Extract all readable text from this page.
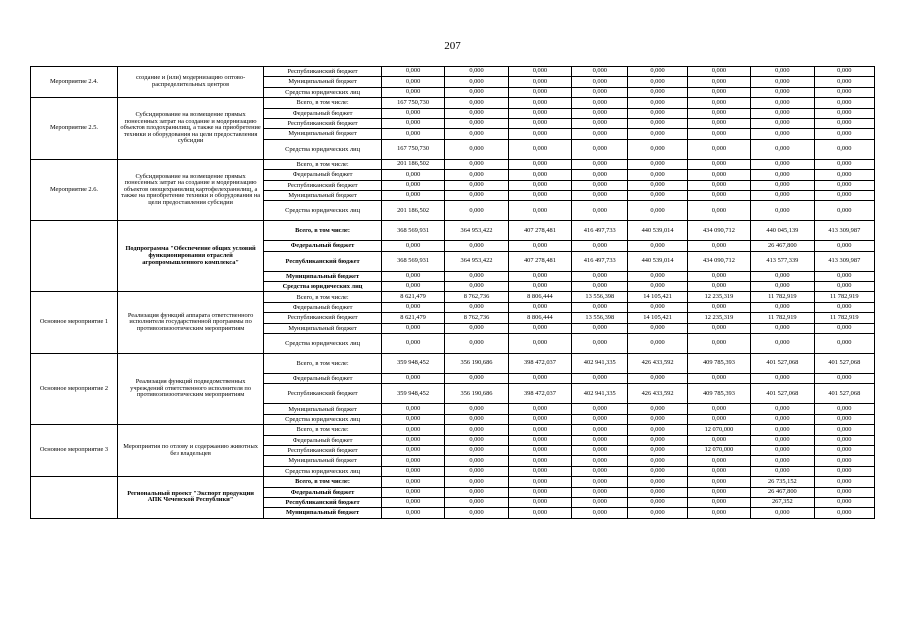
207
Мероприятие 2.4.	создание и (или) модернизацию оптово-распределительных центров	Республиканский бюджет	0,000	0,000	0,000	0,000	0,000	0,000	0,000	0,000
		Муниципальный бюджет	0,000	0,000	0,000	0,000	0,000	0,000	0,000	0,000
		Средства юридических лиц	0,000	0,000	0,000	0,000	0,000	0,000	0,000	0,000
Мероприятие 2.5.	Субсидирование на возмещение прямых понесенных затрат на создание и модернизацию объектов плодохранилищ, а также на приобретение техники и оборудования на цели предоставления субсидии	Всего, в том числе:	167 750,730	0,000	0,000	0,000	0,000	0,000	0,000	0,000
		Федеральный бюджет	0,000	0,000	0,000	0,000	0,000	0,000	0,000	0,000
		Республиканский бюджет	0,000	0,000	0,000	0,000	0,000	0,000	0,000	0,000
		Муниципальный бюджет	0,000	0,000	0,000	0,000	0,000	0,000	0,000	0,000
		Средства юридических лиц	167 750,730	0,000	0,000	0,000	0,000	0,000	0,000	0,000
Мероприятие 2.6.	Субсидирование на возмещение прямых понесенных затрат на создание и модернизацию объектов овощехранилищ картофелехранилищ, а также на приобретение техники и оборудования на цели предоставления субсидии	Всего, в том числе:	201 186,502	0,000	0,000	0,000	0,000	0,000	0,000	0,000
		Федеральный бюджет	0,000	0,000	0,000	0,000	0,000	0,000	0,000	0,000
		Республиканский бюджет	0,000	0,000	0,000	0,000	0,000	0,000	0,000	0,000
		Муниципальный бюджет	0,000	0,000	0,000	0,000	0,000	0,000	0,000	0,000
		Средства юридических лиц	201 186,502	0,000	0,000	0,000	0,000	0,000	0,000	0,000
	Подпрограмма "Обеспечение общих условий функционирования отраслей агропромышленного комплекса"	Всего, в том числе:	368 569,931	364 953,422	407 278,481	416 497,733	440 539,014	434 090,712	440 045,139	413 309,987
		Федеральный бюджет	0,000	0,000	0,000	0,000	0,000	0,000	26 467,800	0,000
		Республиканский бюджет	368 569,931	364 953,422	407 278,481	416 497,733	440 539,014	434 090,712	413 577,339	413 309,987
		Муниципальный бюджет	0,000	0,000	0,000	0,000	0,000	0,000	0,000	0,000
		Средства юридических лиц	0,000	0,000	0,000	0,000	0,000	0,000	0,000	0,000
Основное мероприятие 1	Реализация функций аппарата ответственного исполнителя государственной программы по противоэпизоотическим мероприятиям	Всего, в том числе:	8 621,479	8 762,736	8 806,444	13 556,398	14 105,421	12 235,319	11 782,919	11 782,919
		Федеральный бюджет	0,000	0,000	0,000	0,000	0,000	0,000	0,000	0,000
		Республиканский бюджет	8 621,479	8 762,736	8 806,444	13 556,398	14 105,421	12 235,319	11 782,919	11 782,919
		Муниципальный бюджет	0,000	0,000	0,000	0,000	0,000	0,000	0,000	0,000
		Средства юридических лиц	0,000	0,000	0,000	0,000	0,000	0,000	0,000	0,000
Основное мероприятие 2	Реализация функций подведомственных учреждений ответственного исполнителя по противоэпизоотическим мероприятиям	Всего, в том числе:	359 948,452	356 190,686	398 472,037	402 941,335	426 433,592	409 785,393	401 527,068	401 527,068
		Федеральный бюджет	0,000	0,000	0,000	0,000	0,000	0,000	0,000	0,000
		Республиканский бюджет	359 948,452	356 190,686	398 472,037	402 941,335	426 433,592	409 785,393	401 527,068	401 527,068
		Муниципальный бюджет	0,000	0,000	0,000	0,000	0,000	0,000	0,000	0,000
		Средства юридических лиц	0,000	0,000	0,000	0,000	0,000	0,000	0,000	0,000
Основное мероприятие 3	Мероприятия по отлову и содержанию животных без владельцев	Всего, в том числе:	0,000	0,000	0,000	0,000	0,000	12 070,000	0,000	0,000
		Федеральный бюджет	0,000	0,000	0,000	0,000	0,000	0,000	0,000	0,000
		Республиканский бюджет	0,000	0,000	0,000	0,000	0,000	12 070,000	0,000	0,000
		Муниципальный бюджет	0,000	0,000	0,000	0,000	0,000	0,000	0,000	0,000
		Средства юридических лиц	0,000	0,000	0,000	0,000	0,000	0,000	0,000	0,000
	Региональный проект "Экспорт продукции АПК Чеченской Республики"	Всего, в том числе:	0,000	0,000	0,000	0,000	0,000	0,000	26 735,152	0,000
		Федеральный бюджет	0,000	0,000	0,000	0,000	0,000	0,000	26 467,800	0,000
		Республиканский бюджет	0,000	0,000	0,000	0,000	0,000	0,000	267,352	0,000
		Муниципальный бюджет	0,000	0,000	0,000	0,000	0,000	0,000	0,000	0,000
